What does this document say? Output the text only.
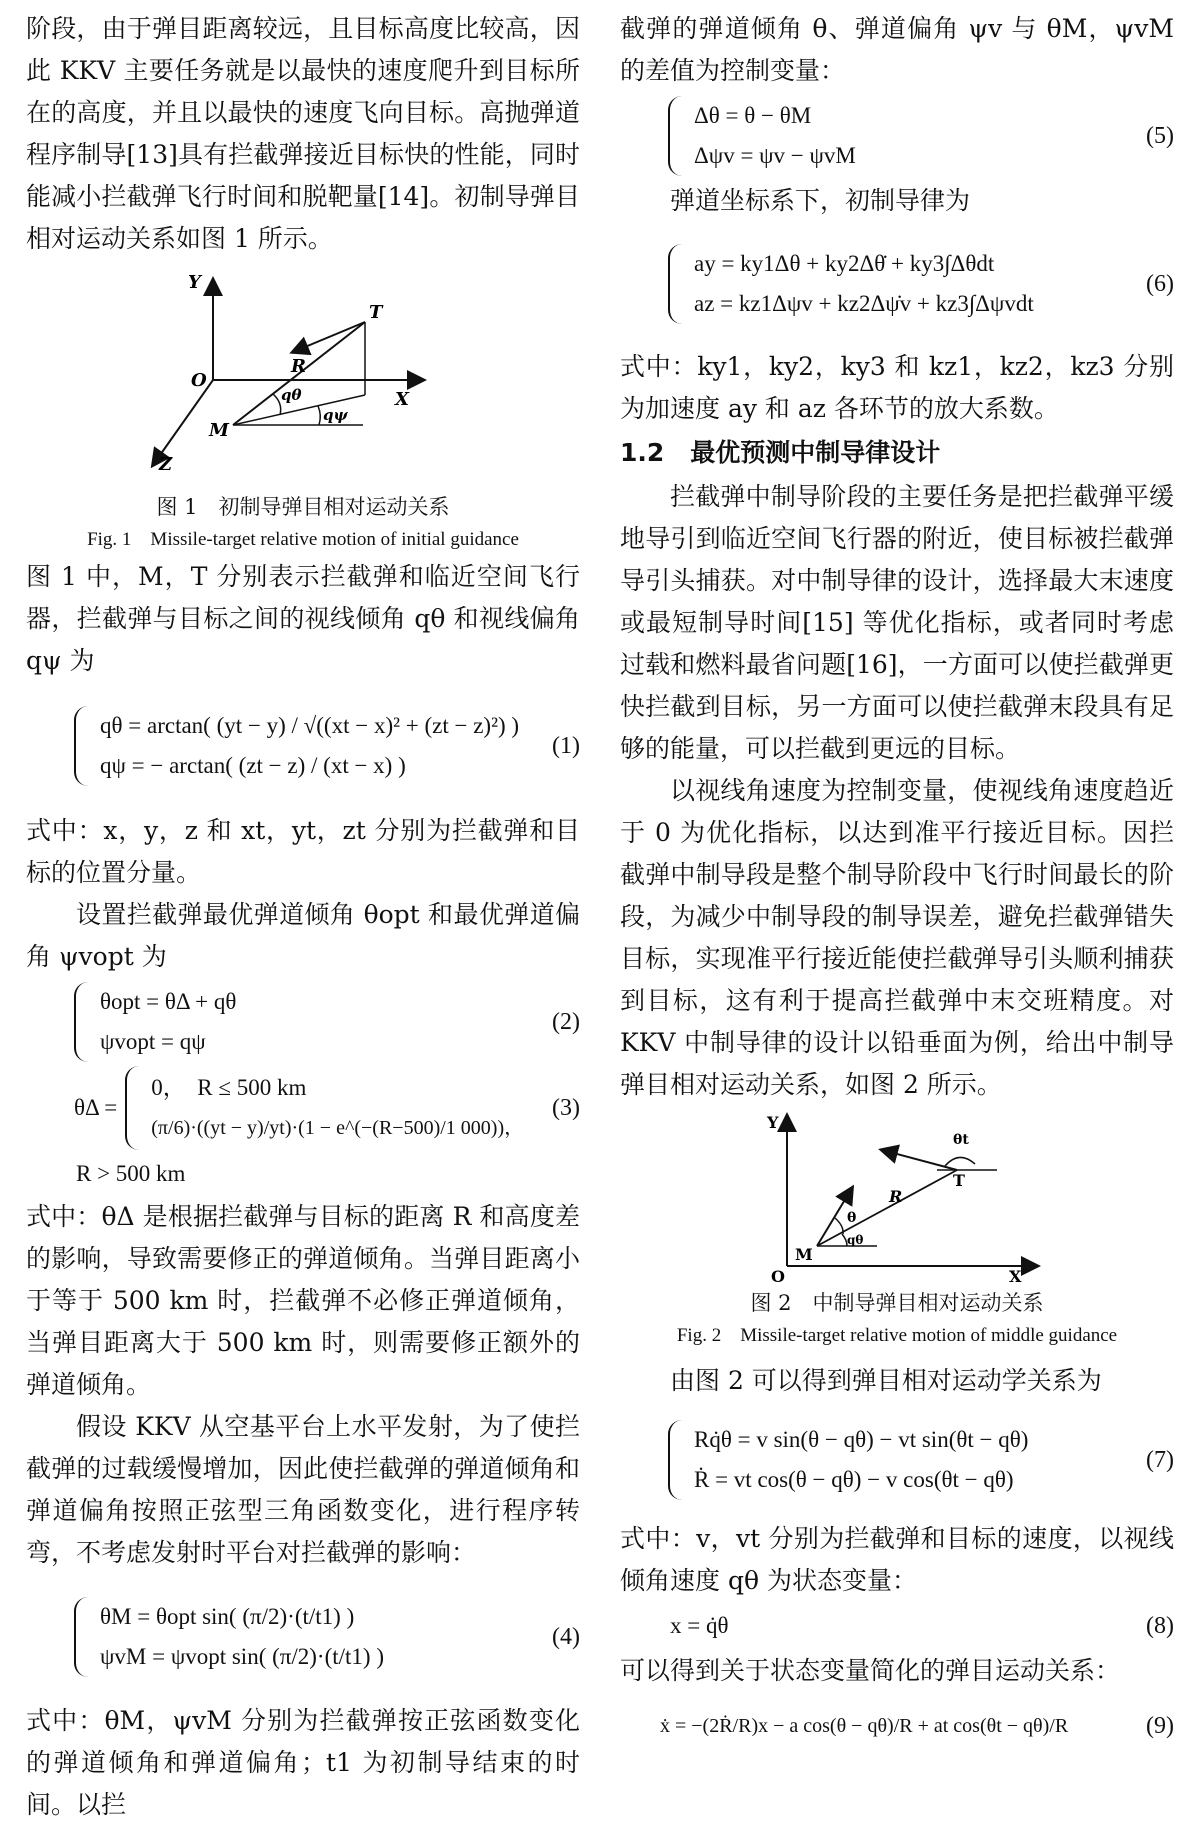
阶段，由于弹目距离较远，且目标高度比较高，因此 KKV 主要任务就是以最快的速度爬升到目标所在的高度，并且以最快的速度飞向目标。高抛弹道程序制导[13]具有拦截弹接近目标快的性能，同时能减小拦截弹飞行时间和脱靶量[14]。初制导弹目相对运动关系如图 1 所示。

Y
T
R
O
X
qθ
qψ
Z
M
图 1　初制导弹目相对运动关系
Fig. 1　Missile-target relative motion of initial guidance

图 1 中，M，T 分别表示拦截弹和临近空间飞行器，拦截弹与目标之间的视线倾角 qθ 和视线偏角 qψ 为

qθ = arctan( (yt − y) / √((xt − x)² + (zt − z)²) )
qψ = − arctan( (zt − z) / (xt − x) )
(1)

式中：x，y，z 和 xt，yt，zt 分别为拦截弹和目标的位置分量。

设置拦截弹最优弹道倾角 θopt 和最优弹道偏角 ψvopt 为

θopt = θΔ + qθ
ψvopt = qψ
(2)
θΔ =
0，　R ≤ 500 km
(π/6)·((yt − y)/yt)·(1 − e^(−(R−500)/1 000))，
(3)
R > 500 km

式中：θΔ 是根据拦截弹与目标的距离 R 和高度差的影响，导致需要修正的弹道倾角。当弹目距离小于等于 500 km 时，拦截弹不必修正弹道倾角，当弹目距离大于 500 km 时，则需要修正额外的弹道倾角。

假设 KKV 从空基平台上水平发射，为了使拦截弹的过载缓慢增加，因此使拦截弹的弹道倾角和弹道偏角按照正弦型三角函数变化，进行程序转弯，不考虑发射时平台对拦截弹的影响：

θM = θopt sin( (π/2)·(t/t1) )
ψvM = ψvopt sin( (π/2)·(t/t1) )
(4)

式中：θM，ψvM 分别为拦截弹按正弦函数变化的弹道倾角和弹道偏角；t1 为初制导结束的时间。以拦

截弹的弹道倾角 θ、弹道偏角 ψv 与 θM，ψvM 的差值为控制变量：

Δθ = θ − θM
Δψv = ψv − ψvM
(5)

弹道坐标系下，初制导律为

ay = ky1Δθ + ky2Δθ̇ + ky3∫Δθdt
az = kz1Δψv + kz2Δψ̇v + kz3∫Δψvdt
(6)

式中：ky1，ky2，ky3 和 kz1，kz2，kz3 分别为加速度 ay 和 az 各环节的放大系数。

1.2 最优预测中制导律设计

拦截弹中制导阶段的主要任务是把拦截弹平缓地导引到临近空间飞行器的附近，使目标被拦截弹导引头捕获。对中制导律的设计，选择最大末速度或最短制导时间[15] 等优化指标，或者同时考虑过载和燃料最省问题[16]，一方面可以使拦截弹更快拦截到目标，另一方面可以使拦截弹末段具有足够的能量，可以拦截到更远的目标。

以视线角速度为控制变量，使视线角速度趋近于 0 为优化指标，以达到准平行接近目标。因拦截弹中制导段是整个制导阶段中飞行时间最长的阶段，为减少中制导段的制导误差，避免拦截弹错失目标，实现准平行接近能使拦截弹导引头顺利捕获到目标，这有利于提高拦截弹中末交班精度。对 KKV 中制导律的设计以铅垂面为例，给出中制导弹目相对运动关系，如图 2 所示。

Y
θt
R
T
θ
qθ
M
O	X
图 2　中制导弹目相对运动关系
Fig. 2　Missile-target relative motion of middle guidance

由图 2 可以得到弹目相对运动学关系为

Rq̇θ = v sin(θ − qθ) − vt sin(θt − qθ)
Ṙ = vt cos(θ − qθ) − v cos(θt − qθ)
(7)

式中：v，vt 分别为拦截弹和目标的速度，以视线倾角速度 qθ 为状态变量：

x = q̇θ	(8)

可以得到关于状态变量简化的弹目运动关系：

ẋ = −(2Ṙ/R)x − a cos(θ − qθ)/R + at cos(θt − qθ)/R	(9)
